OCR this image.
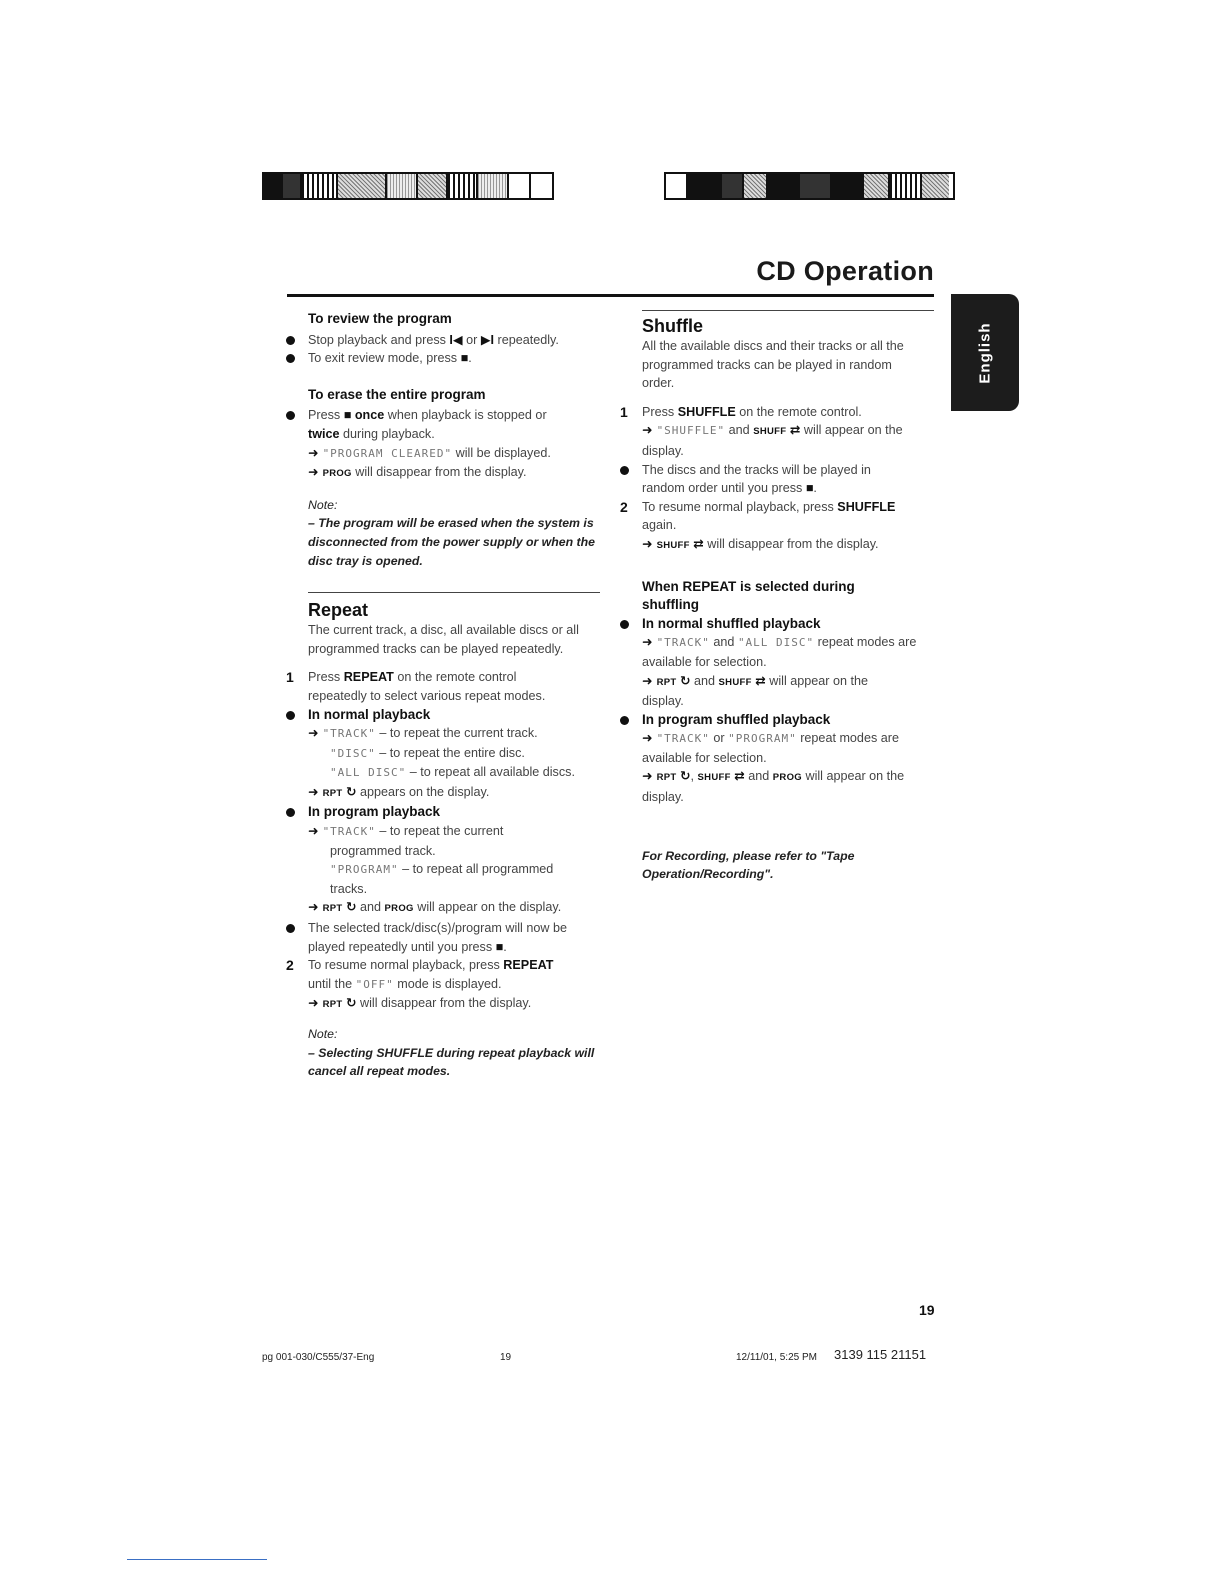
CD Operation
English

To review the program

Stop playback and press I◀ or ▶I repeatedly.
To exit review mode, press ■.

To erase the entire program

Press ■ once when playback is stopped or
twice during playback.

➜ "PROGRAM CLEARED" will be displayed.

➜ PROG will disappear from the display.

Note:

– The program will be erased when the system is

disconnected from the power supply or when the

disc tray is opened.

Repeat

The current track, a disc, all available discs or all

programmed tracks can be played repeatedly.

1 Press REPEAT on the remote control
repeatedly to select various repeat modes.
In normal playback

➜ "TRACK" – to repeat the current track.

"DISC" – to repeat the entire disc.

"ALL DISC" – to repeat all available discs.

➜ RPT ↻ appears on the display.

In program playback

➜ "TRACK" – to repeat the current

programmed track.

"PROGRAM" – to repeat all programmed

tracks.

➜ RPT ↻ and PROG will appear on the display.

The selected track/disc(s)/program will now be
played repeatedly until you press ■.
2 To resume normal playback, press REPEAT
until the "OFF" mode is displayed.

➜ RPT ↻ will disappear from the display.

Note:

– Selecting SHUFFLE during repeat playback will

cancel all repeat modes.

Shuffle

All the available discs and their tracks or all the

programmed tracks can be played in random

order.

1 Press SHUFFLE on the remote control.

➜ "SHUFFLE" and SHUFF ⇄ will appear on the

display.

The discs and the tracks will be played in
random order until you press ■.
2 To resume normal playback, press SHUFFLE
again.

➜ SHUFF ⇄ will disappear from the display.

When REPEAT is selected during

shuffling

In normal shuffled playback

➜ "TRACK" and "ALL DISC" repeat modes are

available for selection.

➜ RPT ↻ and SHUFF ⇄ will appear on the

display.

In program shuffled playback

➜ "TRACK" or "PROGRAM" repeat modes are

available for selection.

➜ RPT ↻, SHUFF ⇄ and PROG will appear on the

display.

For Recording, please refer to "Tape

Operation/Recording".

19
pg 001-030/C555/37-Eng	19	12/11/01, 5:25 PM 3139 115 21151
